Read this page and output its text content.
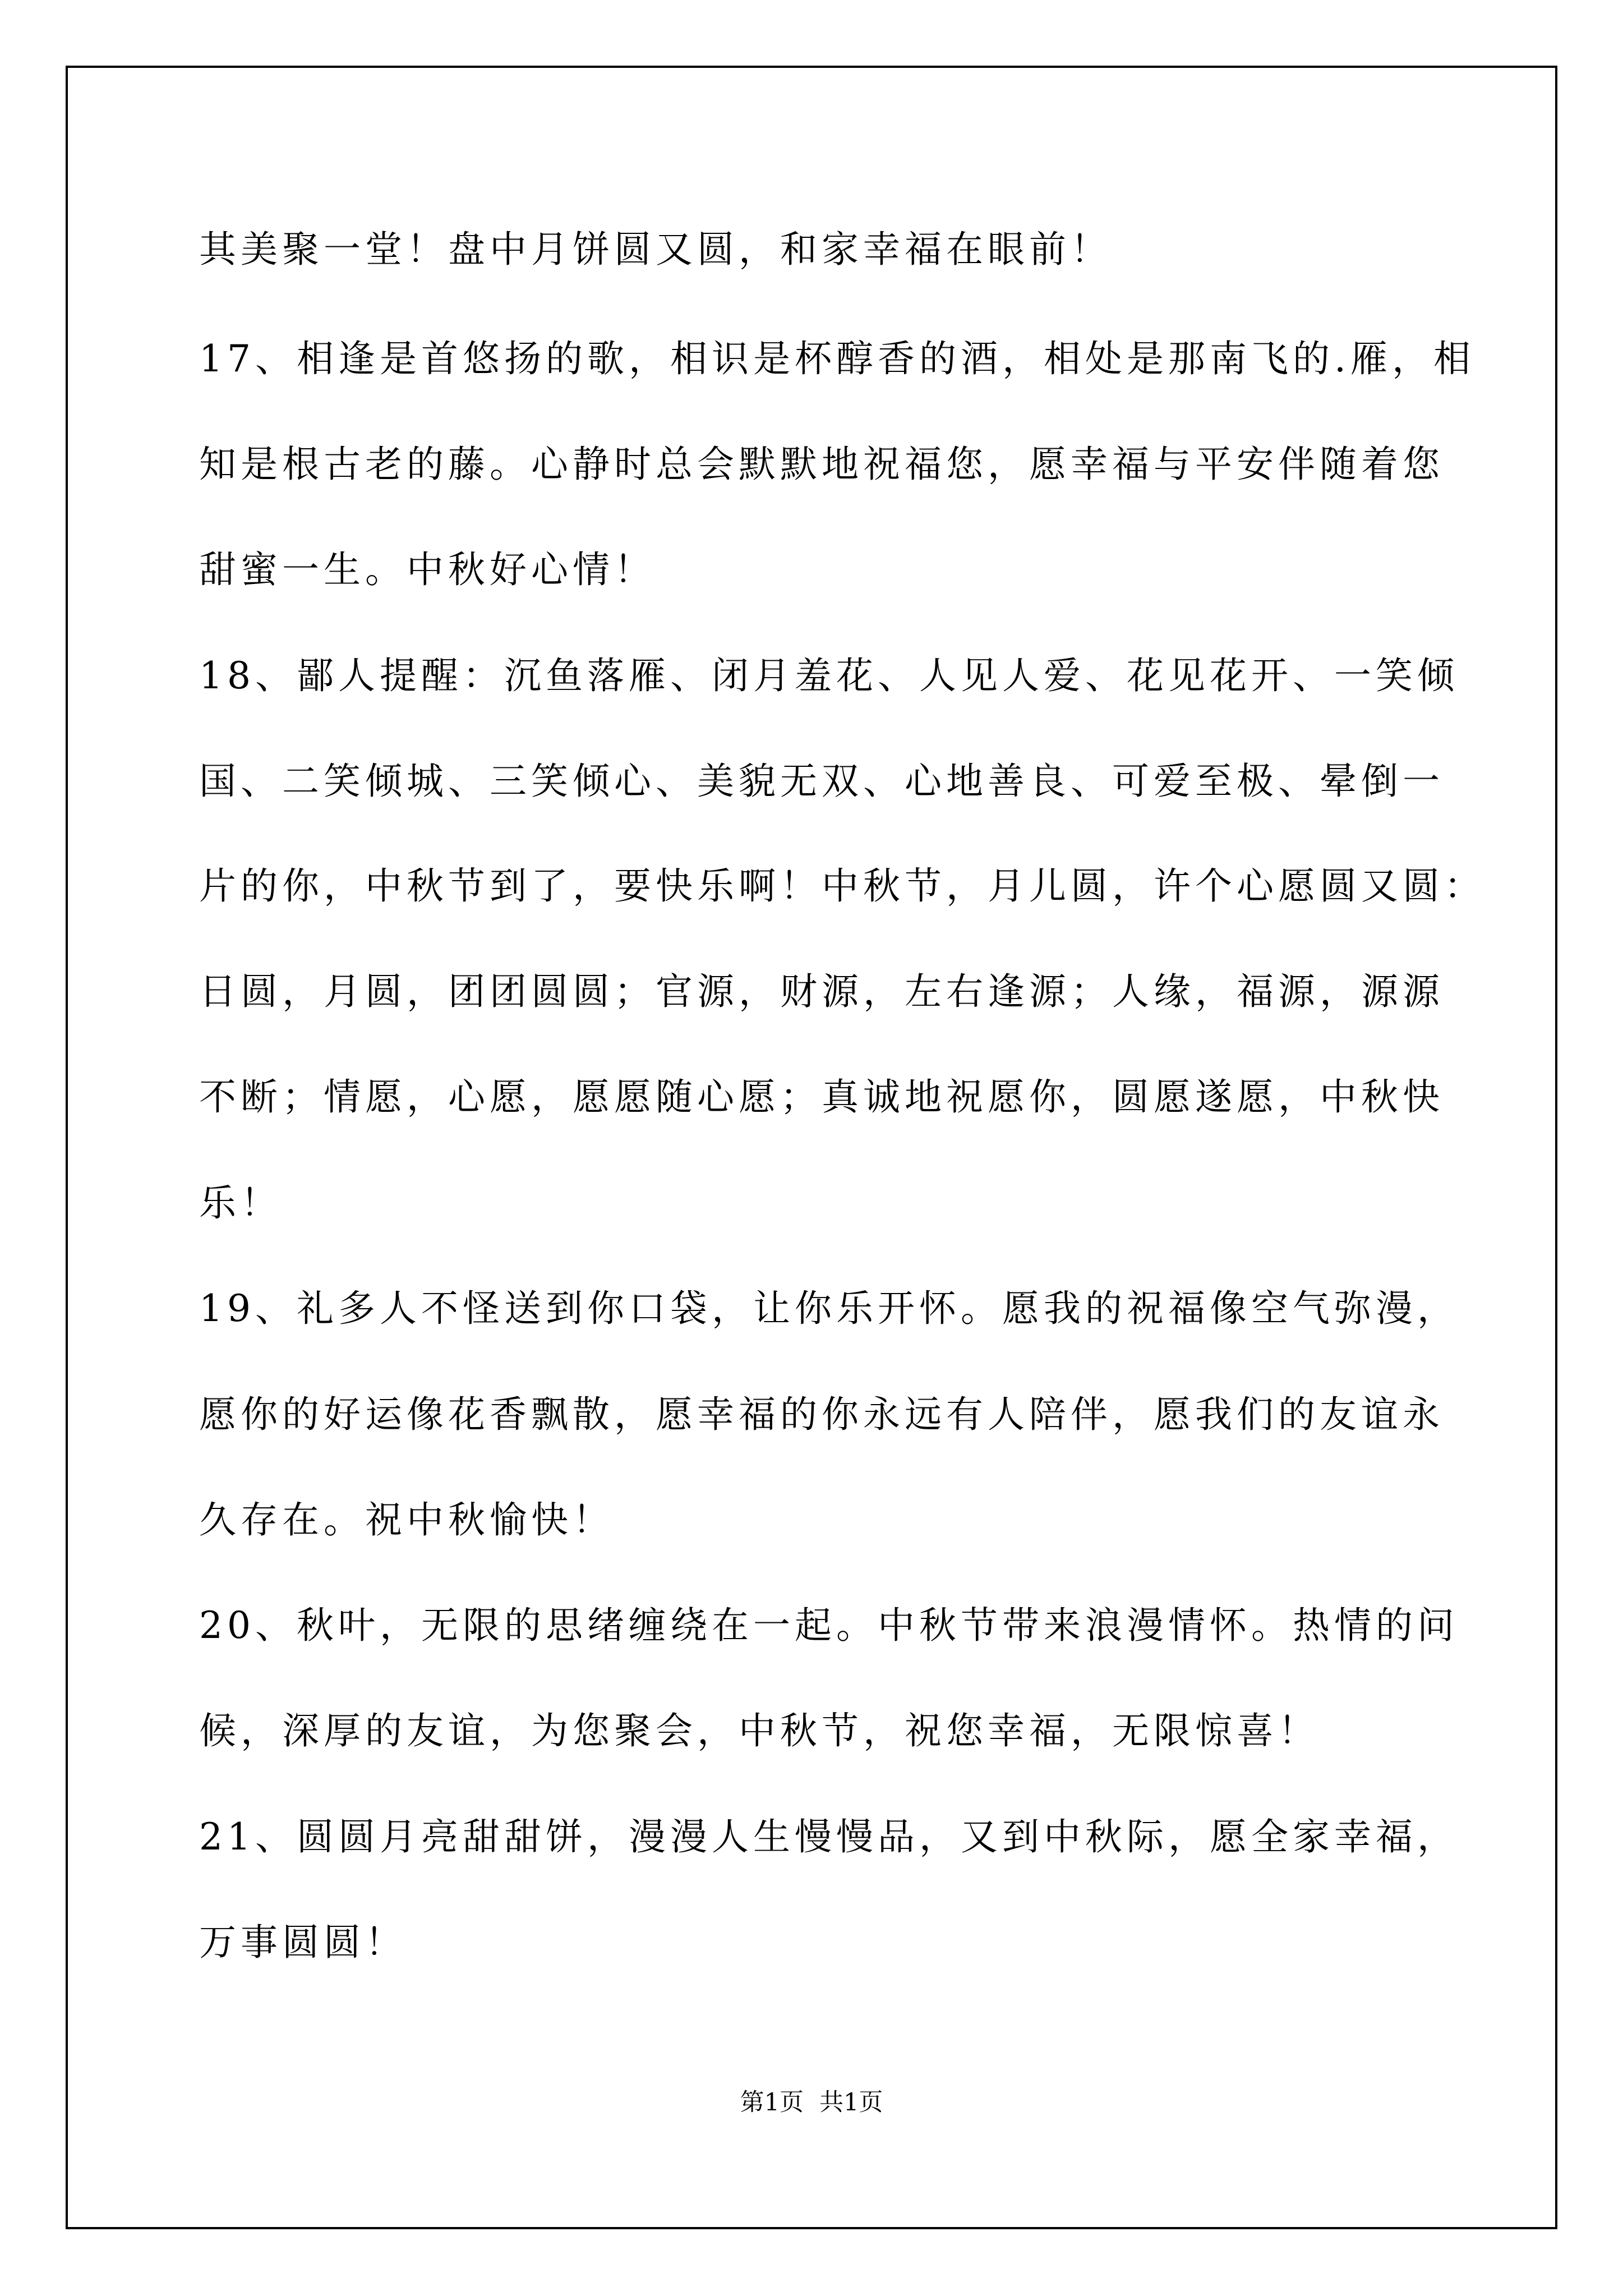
其美聚一堂！盘中月饼圆又圆，和家幸福在眼前！
17、相逢是首悠扬的歌，相识是杯醇香的酒，相处是那南飞的.雁，相
知是根古老的藤。心静时总会默默地祝福您，愿幸福与平安伴随着您
甜蜜一生。中秋好心情！
18、鄙人提醒：沉鱼落雁、闭月羞花、人见人爱、花见花开、一笑倾
国、二笑倾城、三笑倾心、美貌无双、心地善良、可爱至极、晕倒一
片的你，中秋节到了，要快乐啊！中秋节，月儿圆，许个心愿圆又圆：
日圆，月圆，团团圆圆；官源，财源，左右逢源；人缘，福源，源源
不断；情愿，心愿，愿愿随心愿；真诚地祝愿你，圆愿遂愿，中秋快
乐！
19、礼多人不怪送到你口袋，让你乐开怀。愿我的祝福像空气弥漫，
愿你的好运像花香飘散，愿幸福的你永远有人陪伴，愿我们的友谊永
久存在。祝中秋愉快！
20、秋叶，无限的思绪缠绕在一起。中秋节带来浪漫情怀。热情的问
候，深厚的友谊，为您聚会，中秋节，祝您幸福，无限惊喜！
21、圆圆月亮甜甜饼，漫漫人生慢慢品，又到中秋际，愿全家幸福，
万事圆圆！
第1页 共1页
